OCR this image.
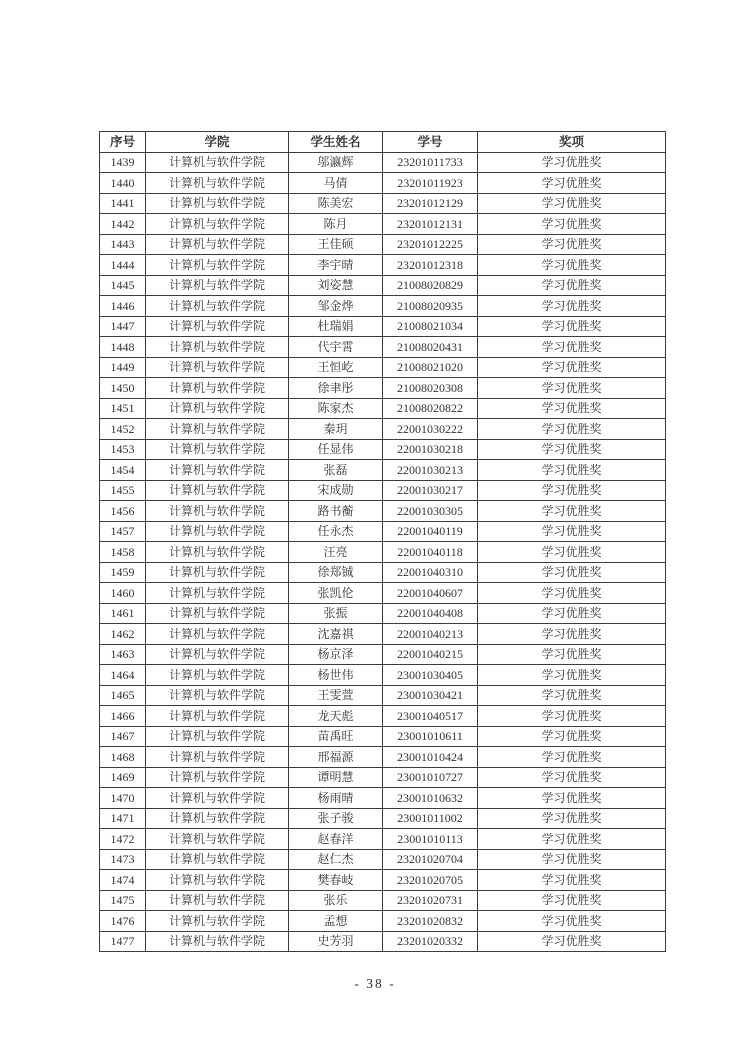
序号	学院	学生姓名	学号	奖项
1439	计算机与软件学院	邬瀛辉	23201011733	学习优胜奖
1440	计算机与软件学院	马倩	23201011923	学习优胜奖
1441	计算机与软件学院	陈美宏	23201012129	学习优胜奖
1442	计算机与软件学院	陈月	23201012131	学习优胜奖
1443	计算机与软件学院	王佳硕	23201012225	学习优胜奖
1444	计算机与软件学院	李宇晴	23201012318	学习优胜奖
1445	计算机与软件学院	刘姿慧	21008020829	学习优胜奖
1446	计算机与软件学院	邹金烨	21008020935	学习优胜奖
1447	计算机与软件学院	杜瑞娟	21008021034	学习优胜奖
1448	计算机与软件学院	代宇霄	21008020431	学习优胜奖
1449	计算机与软件学院	王恒屹	21008021020	学习优胜奖
1450	计算机与软件学院	徐聿彤	21008020308	学习优胜奖
1451	计算机与软件学院	陈家杰	21008020822	学习优胜奖
1452	计算机与软件学院	秦玥	22001030222	学习优胜奖
1453	计算机与软件学院	任显伟	22001030218	学习优胜奖
1454	计算机与软件学院	张磊	22001030213	学习优胜奖
1455	计算机与软件学院	宋成勋	22001030217	学习优胜奖
1456	计算机与软件学院	路书蘅	22001030305	学习优胜奖
1457	计算机与软件学院	任永杰	22001040119	学习优胜奖
1458	计算机与软件学院	汪亮	22001040118	学习优胜奖
1459	计算机与软件学院	徐郑铖	22001040310	学习优胜奖
1460	计算机与软件学院	张凯伦	22001040607	学习优胜奖
1461	计算机与软件学院	张振	22001040408	学习优胜奖
1462	计算机与软件学院	沈嘉祺	22001040213	学习优胜奖
1463	计算机与软件学院	杨京泽	22001040215	学习优胜奖
1464	计算机与软件学院	杨世伟	23001030405	学习优胜奖
1465	计算机与软件学院	王雯萱	23001030421	学习优胜奖
1466	计算机与软件学院	龙天彪	23001040517	学习优胜奖
1467	计算机与软件学院	苗禹旺	23001010611	学习优胜奖
1468	计算机与软件学院	邢福源	23001010424	学习优胜奖
1469	计算机与软件学院	谭明慧	23001010727	学习优胜奖
1470	计算机与软件学院	杨雨晴	23001010632	学习优胜奖
1471	计算机与软件学院	张子骏	23001011002	学习优胜奖
1472	计算机与软件学院	赵春洋	23001010113	学习优胜奖
1473	计算机与软件学院	赵仁杰	23201020704	学习优胜奖
1474	计算机与软件学院	樊春岐	23201020705	学习优胜奖
1475	计算机与软件学院	张乐	23201020731	学习优胜奖
1476	计算机与软件学院	孟想	23201020832	学习优胜奖
1477	计算机与软件学院	史芳羽	23201020332	学习优胜奖
- 38 -
